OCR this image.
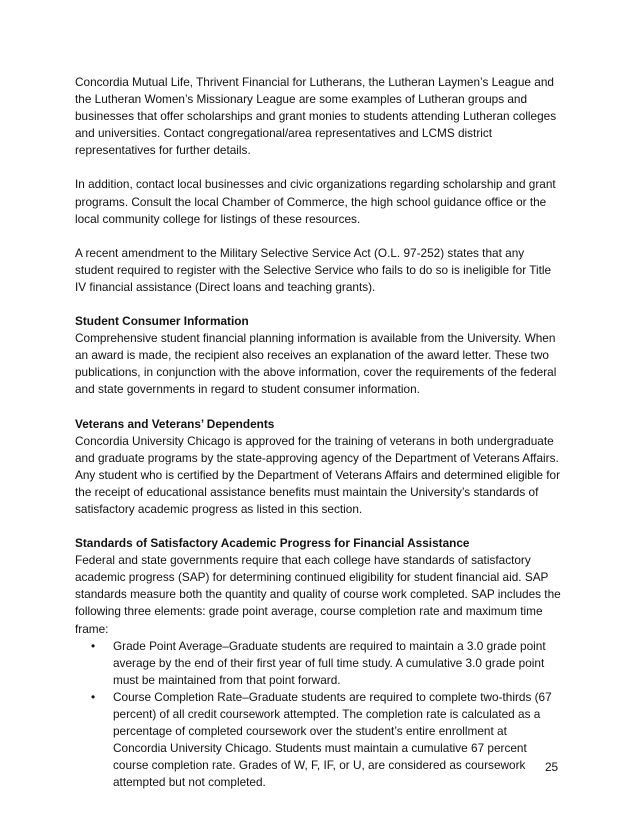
Concordia Mutual Life, Thrivent Financial for Lutherans, the Lutheran Laymen’s League and the Lutheran Women’s Missionary League are some examples of Lutheran groups and businesses that offer scholarships and grant monies to students attending Lutheran colleges and universities. Contact congregational/area representatives and LCMS district representatives for further details.

In addition, contact local businesses and civic organizations regarding scholarship and grant programs. Consult the local Chamber of Commerce, the high school guidance office or the local community college for listings of these resources.

A recent amendment to the Military Selective Service Act (O.L. 97-252) states that any student required to register with the Selective Service who fails to do so is ineligible for Title IV financial assistance (Direct loans and teaching grants).

Student Consumer Information

Comprehensive student financial planning information is available from the University. When an award is made, the recipient also receives an explanation of the award letter. These two publications, in conjunction with the above information, cover the requirements of the federal and state governments in regard to student consumer information.

Veterans and Veterans’ Dependents

Concordia University Chicago is approved for the training of veterans in both undergraduate and graduate programs by the state-approving agency of the Department of Veterans Affairs. Any student who is certified by the Department of Veterans Affairs and determined eligible for the receipt of educational assistance benefits must maintain the University’s standards of satisfactory academic progress as listed in this section.

Standards of Satisfactory Academic Progress for Financial Assistance

Federal and state governments require that each college have standards of satisfactory academic progress (SAP) for determining continued eligibility for student financial aid. SAP standards measure both the quantity and quality of course work completed. SAP includes the following three elements: grade point average, course completion rate and maximum time frame:

• Grade Point Average–Graduate students are required to maintain a 3.0 grade point average by the end of their first year of full time study. A cumulative 3.0 grade point must be maintained from that point forward.
• Course Completion Rate–Graduate students are required to complete two-thirds (67 percent) of all credit coursework attempted. The completion rate is calculated as a percentage of completed coursework over the student’s entire enrollment at Concordia University Chicago. Students must maintain a cumulative 67 percent course completion rate. Grades of W, F, IF, or U, are considered as coursework attempted but not completed.
25
